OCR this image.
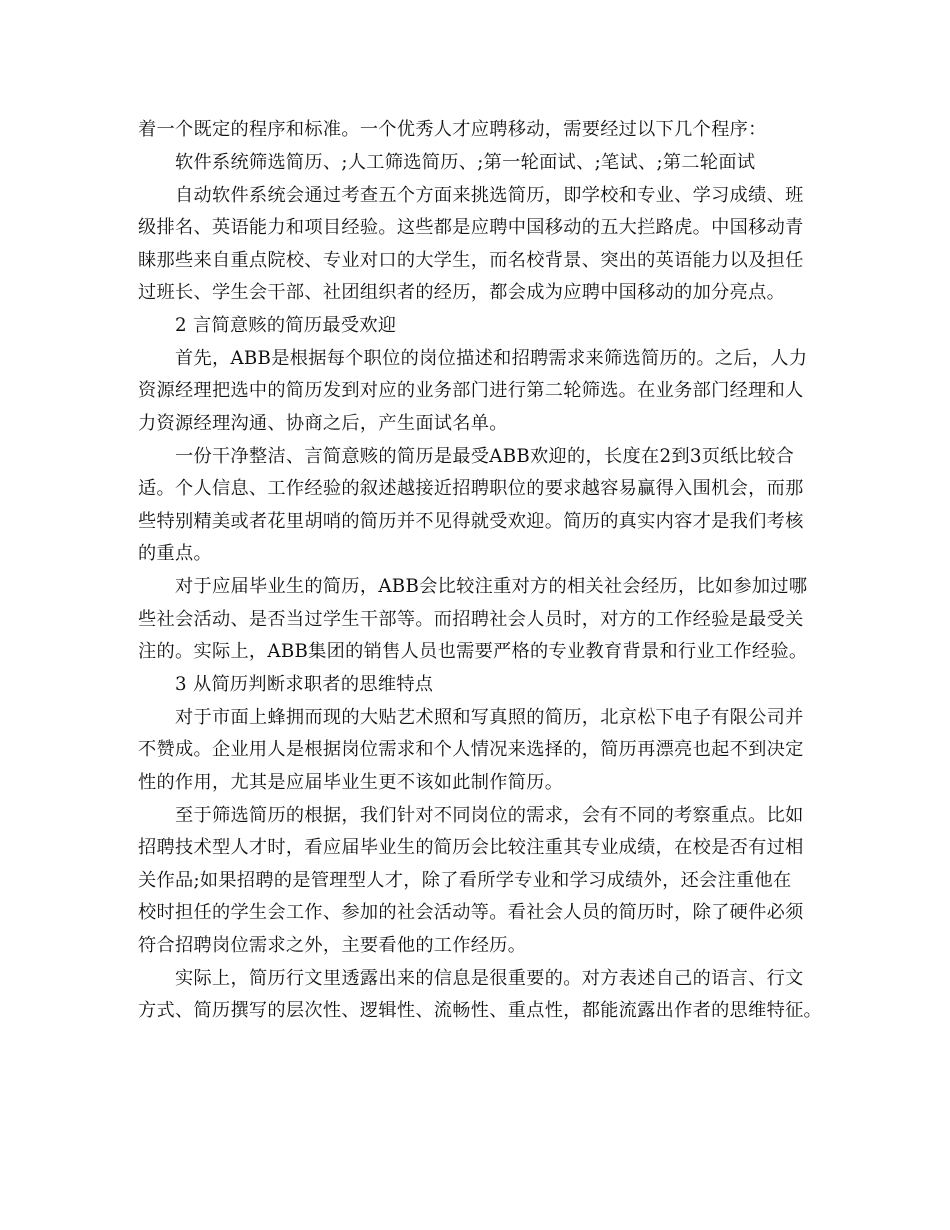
着一个既定的程序和标准。一个优秀人才应聘移动，需要经过以下几个程序：
软件系统筛选简历、;人工筛选简历、;第一轮面试、;笔试、;第二轮面试
自动软件系统会通过考查五个方面来挑选简历，即学校和专业、学习成绩、班
级排名、英语能力和项目经验。这些都是应聘中国移动的五大拦路虎。中国移动青
睐那些来自重点院校、专业对口的大学生，而名校背景、突出的英语能力以及担任
过班长、学生会干部、社团组织者的经历，都会成为应聘中国移动的加分亮点。
2 言简意赅的简历最受欢迎
首先，ABB是根据每个职位的岗位描述和招聘需求来筛选简历的。之后，人力
资源经理把选中的简历发到对应的业务部门进行第二轮筛选。在业务部门经理和人
力资源经理沟通、协商之后，产生面试名单。
一份干净整洁、言简意赅的简历是最受ABB欢迎的，长度在2到3页纸比较合
适。个人信息、工作经验的叙述越接近招聘职位的要求越容易赢得入围机会，而那
些特别精美或者花里胡哨的简历并不见得就受欢迎。简历的真实内容才是我们考核
的重点。
对于应届毕业生的简历，ABB会比较注重对方的相关社会经历，比如参加过哪
些社会活动、是否当过学生干部等。而招聘社会人员时，对方的工作经验是最受关
注的。实际上，ABB集团的销售人员也需要严格的专业教育背景和行业工作经验。
3 从简历判断求职者的思维特点
对于市面上蜂拥而现的大贴艺术照和写真照的简历，北京松下电子有限公司并
不赞成。企业用人是根据岗位需求和个人情况来选择的，简历再漂亮也起不到决定
性的作用，尤其是应届毕业生更不该如此制作简历。
至于筛选简历的根据，我们针对不同岗位的需求，会有不同的考察重点。比如
招聘技术型人才时，看应届毕业生的简历会比较注重其专业成绩，在校是否有过相
关作品;如果招聘的是管理型人才，除了看所学专业和学习成绩外，还会注重他在
校时担任的学生会工作、参加的社会活动等。看社会人员的简历时，除了硬件必须
符合招聘岗位需求之外，主要看他的工作经历。
实际上，简历行文里透露出来的信息是很重要的。对方表述自己的语言、行文
方式、简历撰写的层次性、逻辑性、流畅性、重点性，都能流露出作者的思维特征。
